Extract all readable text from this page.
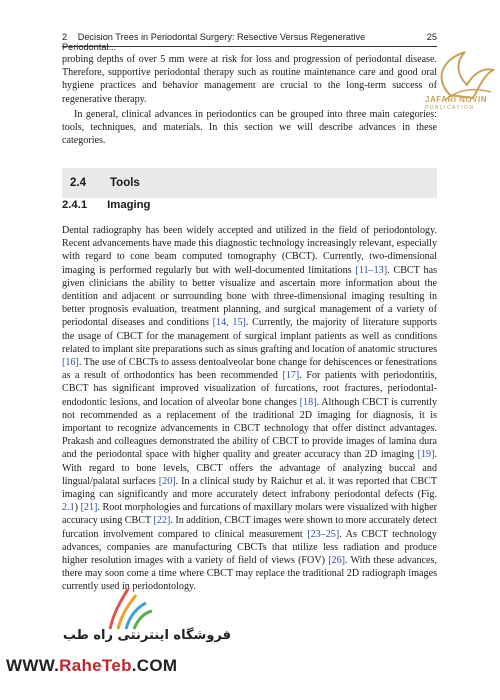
2 Decision Trees in Periodontal Surgery: Resective Versus Regenerative Periodontal...
25
probing depths of over 5 mm were at risk for loss and progression of periodontal disease. Therefore, supportive periodontal therapy such as routine maintenance care and good oral hygiene practices and behavior management are crucial to the long-term success of regenerative therapy.
In general, clinical advances in periodontics can be grouped into three main categories: tools, techniques, and materials. In this section we will describe advances in these categories.
2.4	Tools
2.4.1 Imaging
Dental radiography has been widely accepted and utilized in the field of periodontology. Recent advancements have made this diagnostic technology increasingly relevant, especially with regard to cone beam computed tomography (CBCT). Currently, two-dimensional imaging is performed regularly but with well-documented limitations [11–13]. CBCT has given clinicians the ability to better visualize and ascertain more information about the dentition and adjacent or surrounding bone with three-dimensional imaging resulting in better prognosis evaluation, treatment planning, and surgical management of a variety of periodontal diseases and conditions [14, 15]. Currently, the majority of literature supports the usage of CBCT for the management of surgical implant patients as well as conditions related to implant site preparations such as sinus grafting and location of anatomic structures [16]. The use of CBCTs to assess dentoalveolar bone change for dehiscences or fenestrations as a result of orthodontics has been recommended [17]. For patients with periodontitis, CBCT has significant improved visualization of furcations, root fractures, periodontal-endodontic lesions, and location of alveolar bone changes [18]. Although CBCT is currently not recommended as a replacement of the traditional 2D imaging for diagnosis, it is important to recognize advancements in CBCT technology that offer distinct advantages. Prakash and colleagues demonstrated the ability of CBCT to provide images of lamina dura and the periodontal space with higher quality and greater accuracy than 2D imaging [19]. With regard to bone levels, CBCT offers the advantage of analyzing buccal and lingual/palatal surfaces [20]. In a clinical study by Raichur et al. it was reported that CBCT imaging can significantly and more accurately detect infrabony periodontal defects (Fig. 2.1) [21]. Root morphologies and furcations of maxillary molars were visualized with higher accuracy using CBCT [22]. In addition, CBCT images were shown to more accurately detect furcation involvement compared to clinical measurement [23–25]. As CBCT technology advances, companies are manufacturing CBCTs that utilize less radiation and produce higher resolution images with a variety of field of views (FOV) [26]. With these advances, there may soon come a time where CBCT may replace the traditional 2D radiograph images currently used in periodontology.
JAFARI NOVIN
PUBLICATION
فروشگاه اینترنتی راه طب
WWW.RaheTeb.COM
